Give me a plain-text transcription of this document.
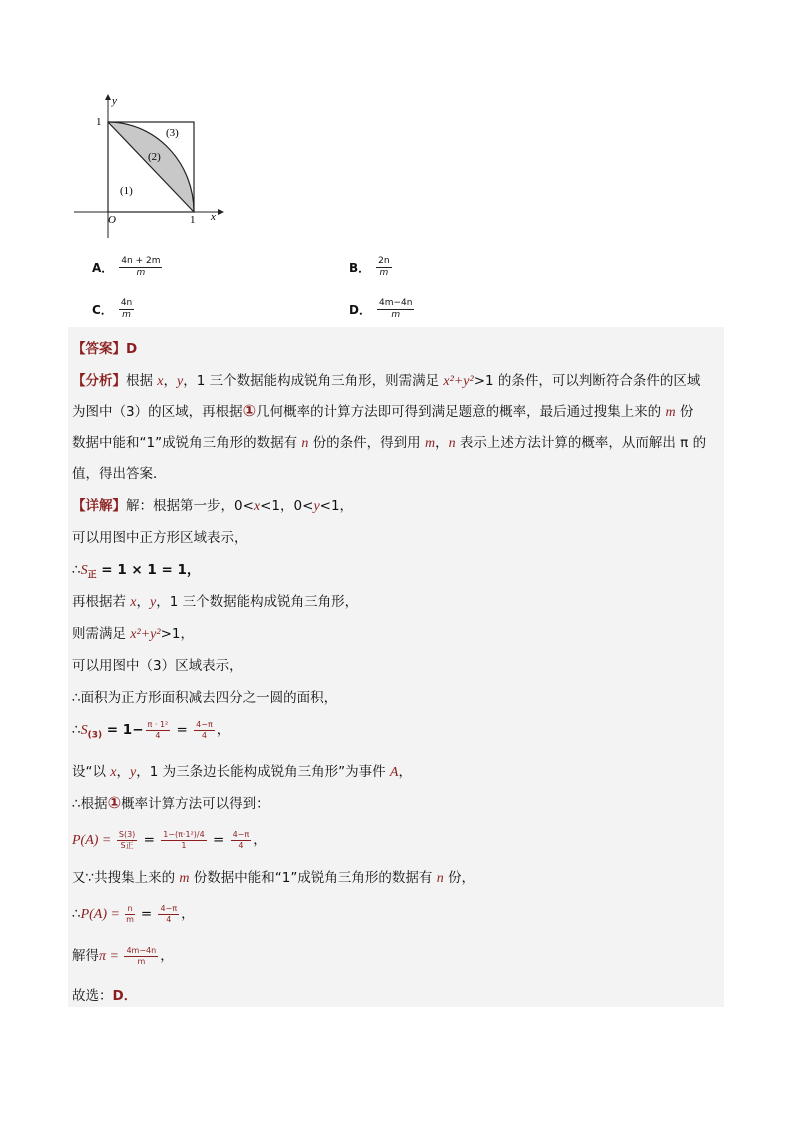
y
x
O	1
1
(1)
(2)
(3)
A． $\frac{4n + 2m}{m}$	B． $\frac{2n}{m}$
C． $\frac{4n}{m}$	D． $\frac{4m-4n}{m}$
【答案】D
【分析】根据 x，y，1 三个数据能构成锐角三角形，则需满足 x²+y²>1 的条件，可以判断符合条件的区域
为图中（3）的区域，再根据①几何概率的计算方法即可得到满足题意的概率，最后通过搜集上来的 m 份
数据中能和“1”成锐角三角形的数据有 n 份的条件，得到用 m，n 表示上述方法计算的概率，从而解出 π 的
值，得出答案．
【详解】解：根据第一步，0<x<1，0<y<1，
可以用图中正方形区域表示，
$\therefore S_正 = 1 \times 1 = 1$，
再根据若 x，y，1 三个数据能构成锐角三角形，
则需满足 x²+y²>1，
可以用图中（3）区域表示，
∴面积为正方形面积减去四分之一圆的面积，
$\therefore S_{(3)} = 1- \frac{\text{π · 1²}}{4} = \frac{4-\pi}{4}$ ，
设“以 x，y，1 为三条边长能构成锐角三角形”为事件 A，
∴根据①概率计算方法可以得到：
P(A) = S(3)
S正 = $\frac{\text{1−(π·1²)/4}}{1} = \frac{4-\pi}{4}$ ，
又∵共搜集上来的 m 份数据中能和“1”成锐角三角形的数据有 n 份，
∴P(A) = $\frac{n}{m} = \frac{4-\pi}{4}$ ，
解得$\pi = \frac{4m-4n}{m}$ ，
故选：D．
